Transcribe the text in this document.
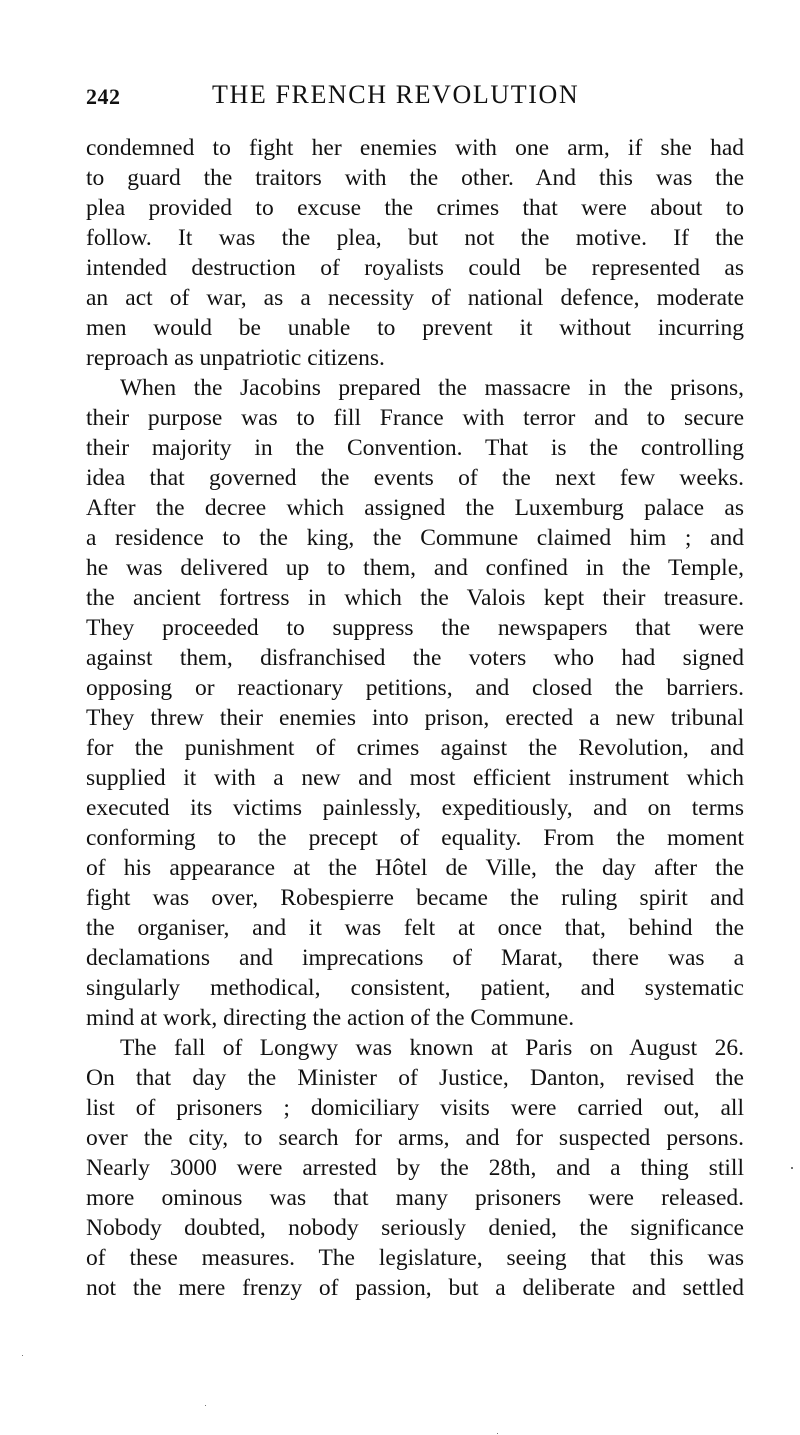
242	THE FRENCH REVOLUTION
condemned to fight her enemies with one arm, if she had
to guard the traitors with the other. And this was the
plea provided to excuse the crimes that were about to
follow. It was the plea, but not the motive. If the
intended destruction of royalists could be represented as
an act of war, as a necessity of national defence, moderate
men would be unable to prevent it without incurring
reproach as unpatriotic citizens.
When the Jacobins prepared the massacre in the prisons,
their purpose was to fill France with terror and to secure
their majority in the Convention. That is the controlling
idea that governed the events of the next few weeks.
After the decree which assigned the Luxemburg palace as
a residence to the king, the Commune claimed him ; and
he was delivered up to them, and confined in the Temple,
the ancient fortress in which the Valois kept their treasure.
They proceeded to suppress the newspapers that were
against them, disfranchised the voters who had signed
opposing or reactionary petitions, and closed the barriers.
They threw their enemies into prison, erected a new tribunal
for the punishment of crimes against the Revolution, and
supplied it with a new and most efficient instrument which
executed its victims painlessly, expeditiously, and on terms
conforming to the precept of equality. From the moment
of his appearance at the Hôtel de Ville, the day after the
fight was over, Robespierre became the ruling spirit and
the organiser, and it was felt at once that, behind the
declamations and imprecations of Marat, there was a
singularly methodical, consistent, patient, and systematic
mind at work, directing the action of the Commune.
The fall of Longwy was known at Paris on August 26.
On that day the Minister of Justice, Danton, revised the
list of prisoners ; domiciliary visits were carried out, all
over the city, to search for arms, and for suspected persons.
Nearly 3000 were arrested by the 28th, and a thing still
more ominous was that many prisoners were released.
Nobody doubted, nobody seriously denied, the significance
of these measures. The legislature, seeing that this was
not the mere frenzy of passion, but a deliberate and settled
